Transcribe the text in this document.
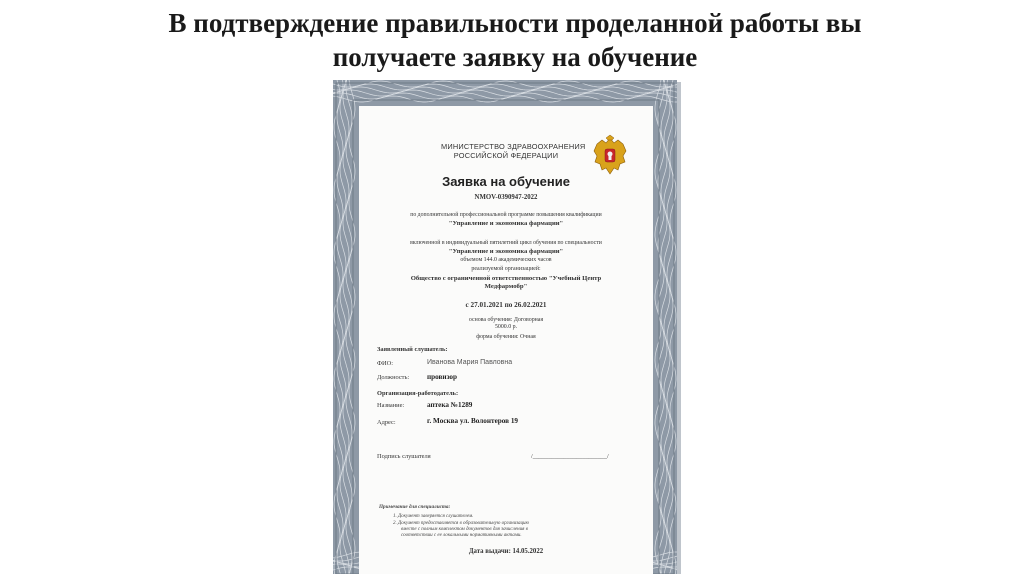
В подтверждение правильности проделанной работы вы
получаете заявку на обучение
МИНИСТЕРСТВО ЗДРАВООХРАНЕНИЯ
РОССИЙСКОЙ ФЕДЕРАЦИИ
Заявка на обучение
NMOV-0390947-2022
по дополнительной профессиональной программе повышения квалификации
"Управление и экономика фармации"
включенной в индивидуальный пятилетний цикл обучения по специальности
"Управление и экономика фармации"
объемом 144.0 академических часов
реализуемой организацией:
Общество с ограниченной ответственностью "Учебный Центр
Медфармобр"
с 27.01.2021 по 26.02.2021
основа обучения: Договорная
5000.0 р.
форма обучения: Очная
Заявленный слушатель:
ФИО:	Иванова Мария Павловна
Должность: провизор
Организация-работодатель:
Название:	аптека №1289
Адрес:	г. Москва ул. Волонтеров 19
Подпись слушателя	/________________________/
Примечание для специалиста:
1. Документ заверяется слушателем.
2. Документ предоставляется в образовательную организацию
вместе с полным комплектом документов для зачисления в
соответствии с ее локальными нормативными актами.
Дата выдачи: 14.05.2022
